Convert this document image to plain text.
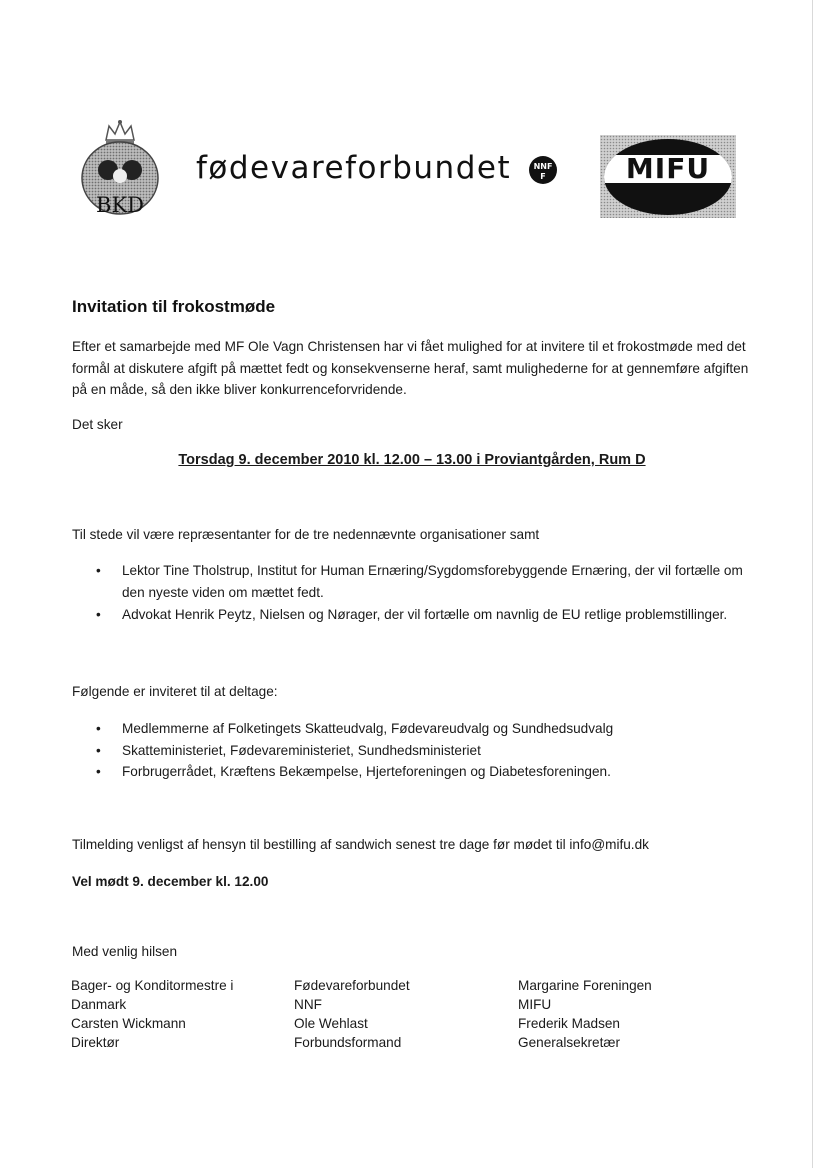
BKD
fødevareforbundet	NNF
F	MIFU
Invitation til frokostmøde
Efter et samarbejde med MF Ole Vagn Christensen har vi fået mulighed for at invitere til et frokostmøde med det formål at diskutere afgift på mættet fedt og konsekvenserne heraf, samt mulighederne for at gennemføre afgiften på en måde, så den ikke bliver konkurrenceforvridende.
Det sker
Torsdag 9. december 2010 kl. 12.00 – 13.00 i Proviantgården, Rum D
Til stede vil være repræsentanter for de tre nedennævnte organisationer samt
• Lektor Tine Tholstrup, Institut for Human Ernæring/Sygdomsforebyggende Ernæring, der vil fortælle om den nyeste viden om mættet fedt.
• Advokat Henrik Peytz, Nielsen og Nørager, der vil fortælle om navnlig de EU retlige problemstillinger.
Følgende er inviteret til at deltage:
• Medlemmerne af Folketingets Skatteudvalg, Fødevareudvalg og Sundhedsudvalg
• Skatteministeriet, Fødevareministeriet, Sundhedsministeriet
• Forbrugerrådet, Kræftens Bekæmpelse, Hjerteforeningen og Diabetesforeningen.
Tilmelding venligst af hensyn til bestilling af sandwich senest tre dage før mødet til info@mifu.dk
Vel mødt 9. december kl. 12.00
Med venlig hilsen
Bager- og Konditormestre i Danmark
Carsten Wickmann
Direktør
Fødevareforbundet
NNF
Ole Wehlast
Forbundsformand
Margarine Foreningen
MIFU
Frederik Madsen
Generalsekretær
